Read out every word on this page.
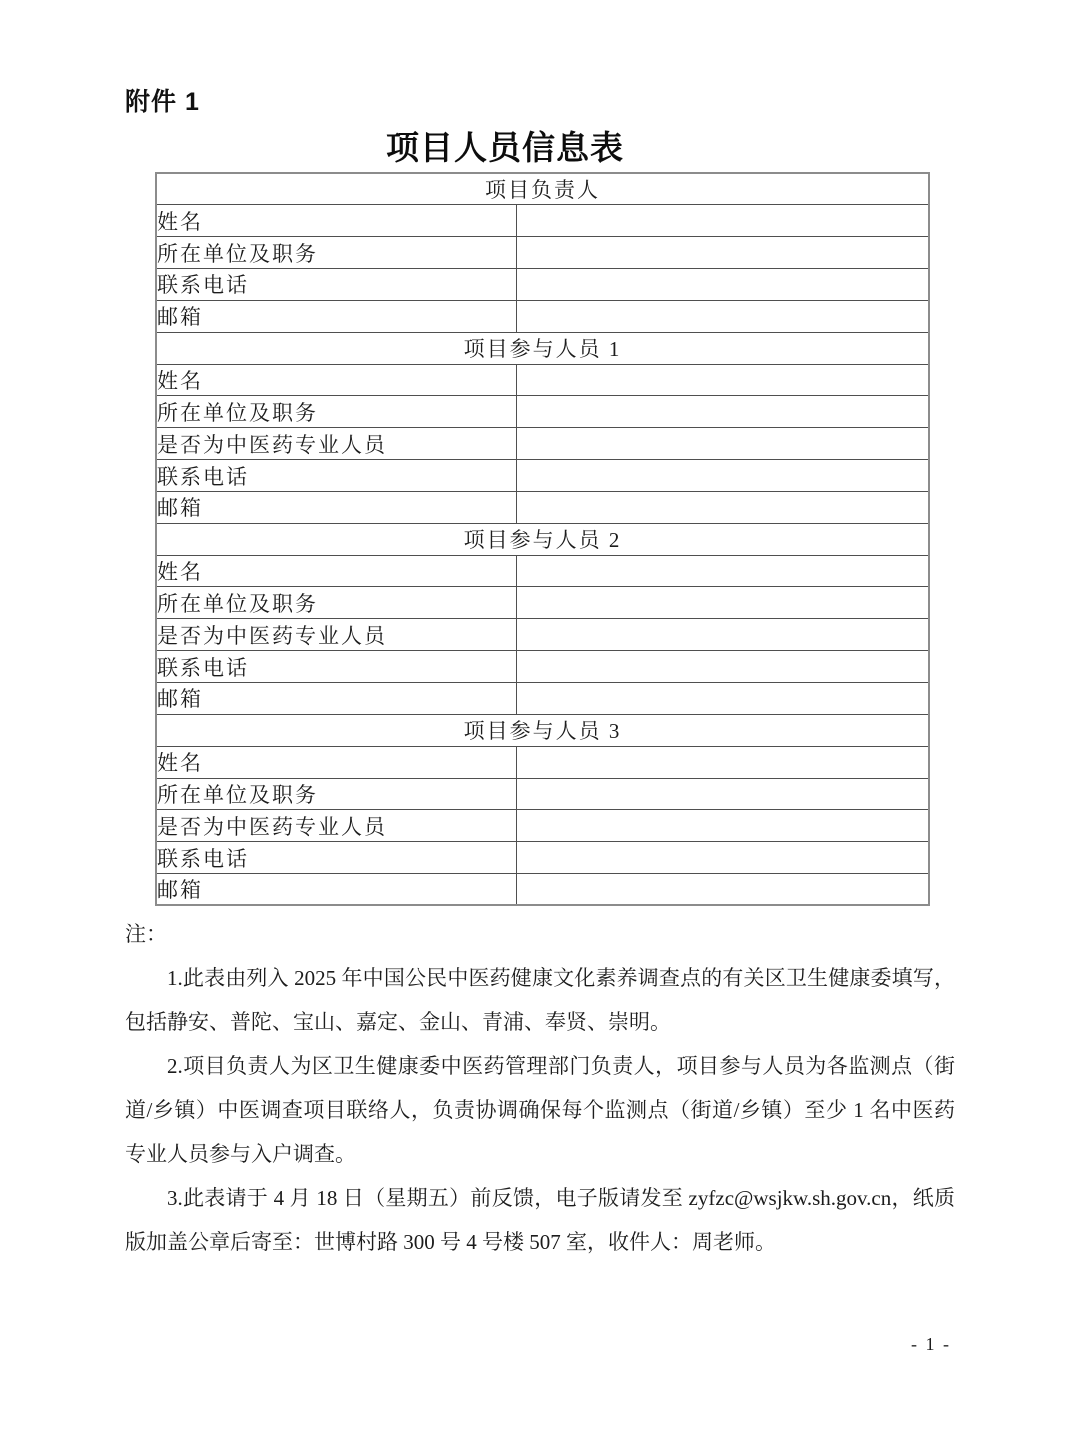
附件 1
项目人员信息表
项目负责人	
姓名	
所在单位及职务	
联系电话	
邮箱	
项目参与人员 1	
姓名	
所在单位及职务	
是否为中医药专业人员	
联系电话	
邮箱	
项目参与人员 2	
姓名	
所在单位及职务	
是否为中医药专业人员	
联系电话	
邮箱	
项目参与人员 3	
姓名	
所在单位及职务	
是否为中医药专业人员	
联系电话	
邮箱	

注：

1.此表由列入 2025 年中国公民中医药健康文化素养调查点的有关区卫生健康委填写，包括静安、普陀、宝山、嘉定、金山、青浦、奉贤、崇明。

2.项目负责人为区卫生健康委中医药管理部门负责人，项目参与人员为各监测点（街道/乡镇）中医调查项目联络人，负责协调确保每个监测点（街道/乡镇）至少 1 名中医药专业人员参与入户调查。

3.此表请于 4 月 18 日（星期五）前反馈，电子版请发至 zyfzc@wsjkw.sh.gov.cn，纸质版加盖公章后寄至：世博村路 300 号 4 号楼 507 室，收件人：周老师。

- 1 -
